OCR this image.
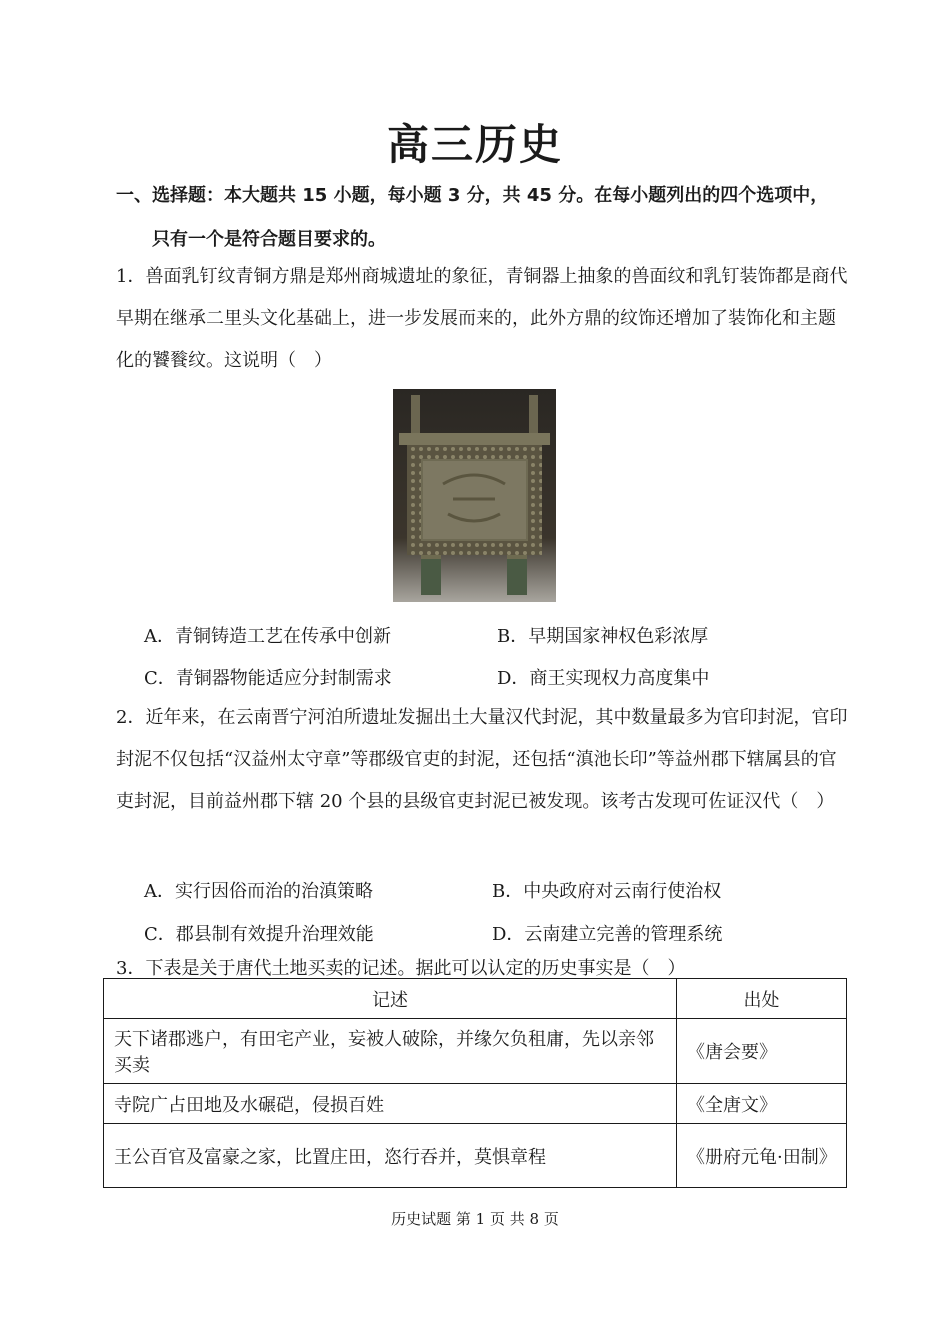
高三历史
一、选择题：本大题共 15 小题，每小题 3 分，共 45 分。在每小题列出的四个选项中，
只有一个是符合题目要求的。
1．兽面乳钉纹青铜方鼎是郑州商城遗址的象征，青铜器上抽象的兽面纹和乳钉装饰都是商代早期在继承二里头文化基础上，进一步发展而来的，此外方鼎的纹饰还增加了装饰化和主题化的饕餮纹。这说明（　）
A．青铜铸造工艺在传承中创新	B．早期国家神权色彩浓厚
C．青铜器物能适应分封制需求	D．商王实现权力高度集中
2．近年来，在云南晋宁河泊所遗址发掘出土大量汉代封泥，其中数量最多为官印封泥，官印封泥不仅包括“汉益州太守章”等郡级官吏的封泥，还包括“滇池长印”等益州郡下辖属县的官吏封泥，目前益州郡下辖 20 个县的县级官吏封泥已被发现。该考古发现可佐证汉代（　）
A．实行因俗而治的治滇策略	B．中央政府对云南行使治权
C．郡县制有效提升治理效能	D．云南建立完善的管理系统
3．下表是关于唐代土地买卖的记述。据此可以认定的历史事实是（　）
记述	出处
天下诸郡逃户，有田宅产业，妄被人破除，并缘欠负租庸，先以亲邻买卖	《唐会要》
寺院广占田地及水碾硙，侵损百姓	《全唐文》
王公百官及富豪之家，比置庄田，恣行吞并，莫惧章程	《册府元龟·田制》
历史试题 第 1 页 共 8 页
